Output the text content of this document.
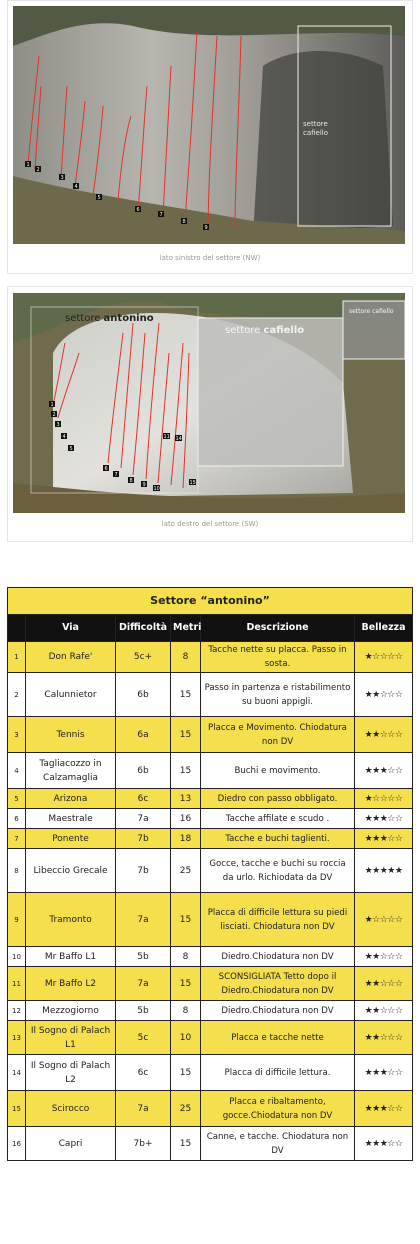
settore
cafiello
1
2
3
4
5
6
7
8
9
lato sinistro del settore (NW)
settore antonino
settore cafiello
settore cafiello
1
2
3
4
5
6
7
8
9
10
11 14
15
lato destro del settore (SW)
Settore “antonino”					
	Via	Difficoltà	Metri	Descrizione	Bellezza
1	Don Rafe'	5c+	8	Tacche nette su placca. Passo in sosta.	★☆☆☆☆
2	Calunnietor	6b	15	Passo in partenza e ristabilimento su buoni appigli.	★★☆☆☆
3	Tennis	6a	15	Placca e Movimento. Chiodatura non DV	★★☆☆☆
4	Tagliacozzo in Calzamaglia	6b	15	Buchi e movimento.	★★★☆☆
5	Arizona	6c	13	Diedro con passo obbligato.	★☆☆☆☆
6	Maestrale	7a	16	Tacche affilate e scudo .	★★★☆☆
7	Ponente	7b	18	Tacche e buchi taglienti.	★★★☆☆
8	Libeccio Grecale	7b	25	Gocce, tacche e buchi su roccia da urlo. Richiodata da DV	★★★★★
9	Tramonto	7a	15	Placca di difficile lettura su piedi lisciati. Chiodatura non DV	★☆☆☆☆
10	Mr Baffo L1	5b	8	Diedro.Chiodatura non DV	★★☆☆☆
11	Mr Baffo L2	7a	15	SCONSIGLIATA Tetto dopo il Diedro.Chiodatura non DV	★★☆☆☆
12	Mezzogiorno	5b	8	Diedro.Chiodatura non DV	★★☆☆☆
13	Il Sogno di Palach L1	5c	10	Placca e tacche nette	★★☆☆☆
14	Il Sogno di Palach L2	6c	15	Placca di difficile lettura.	★★★☆☆
15	Scirocco	7a	25	Placca e ribaltamento, gocce.Chiodatura non DV	★★★☆☆
16	Capri	7b+	15	Canne, e tacche. Chiodatura non DV	★★★☆☆
